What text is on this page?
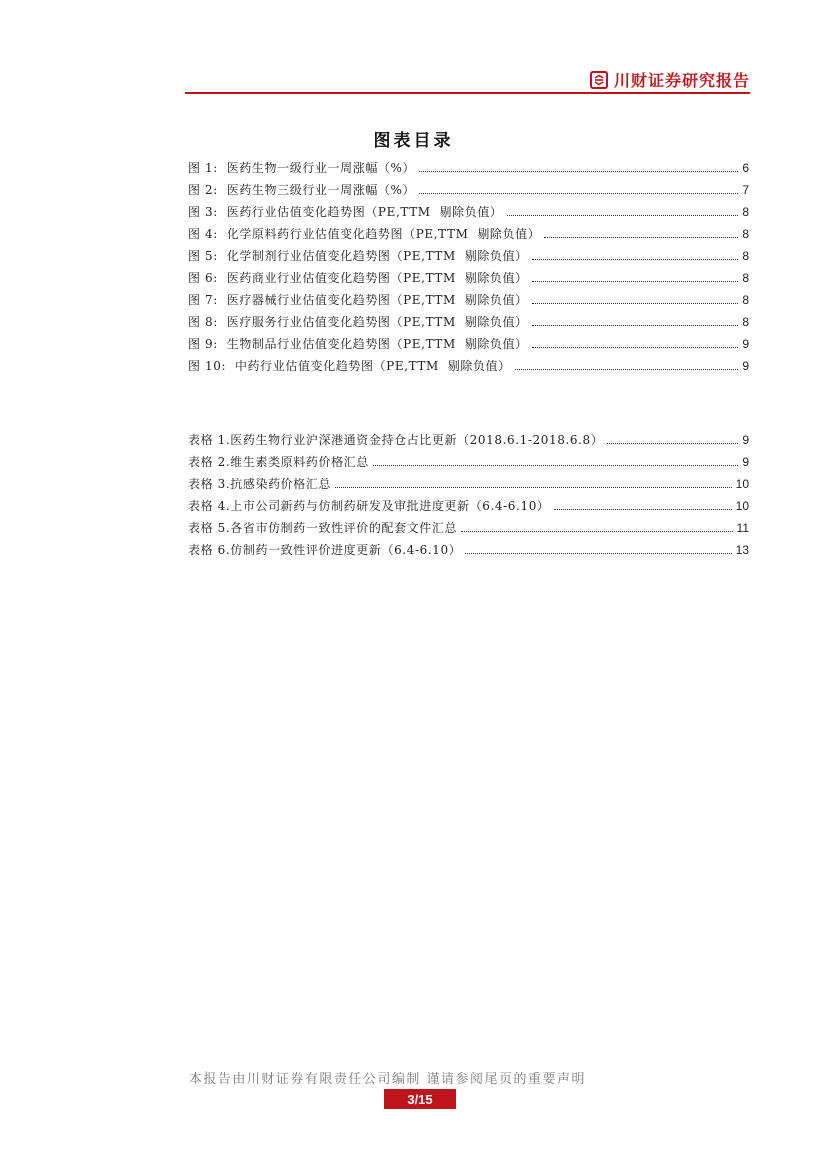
川财证券研究报告
图表目录
图 1:  医药生物一级行业一周涨幅（%）	6
图 2:  医药生物三级行业一周涨幅（%）	7
图 3:  医药行业估值变化趋势图（PE,TTM  剔除负值）	8
图 4:  化学原料药行业估值变化趋势图（PE,TTM  剔除负值）	8
图 5:  化学制剂行业估值变化趋势图（PE,TTM  剔除负值）	8
图 6:  医药商业行业估值变化趋势图（PE,TTM  剔除负值）	8
图 7:  医疗器械行业估值变化趋势图（PE,TTM  剔除负值）	8
图 8:  医疗服务行业估值变化趋势图（PE,TTM  剔除负值）	8
图 9:  生物制品行业估值变化趋势图（PE,TTM  剔除负值）	9
图 10:  中药行业估值变化趋势图（PE,TTM  剔除负值）	9
表格 1.医药生物行业沪深港通资金持仓占比更新（2018.6.1-2018.6.8）	9
表格 2.维生素类原料药价格汇总	9
表格 3.抗感染药价格汇总	10
表格 4.上市公司新药与仿制药研发及审批进度更新（6.4-6.10）	10
表格 5.各省市仿制药一致性评价的配套文件汇总	11
表格 6.仿制药一致性评价进度更新（6.4-6.10）	13
本报告由川财证券有限责任公司编制 谨请参阅尾页的重要声明
3/15
